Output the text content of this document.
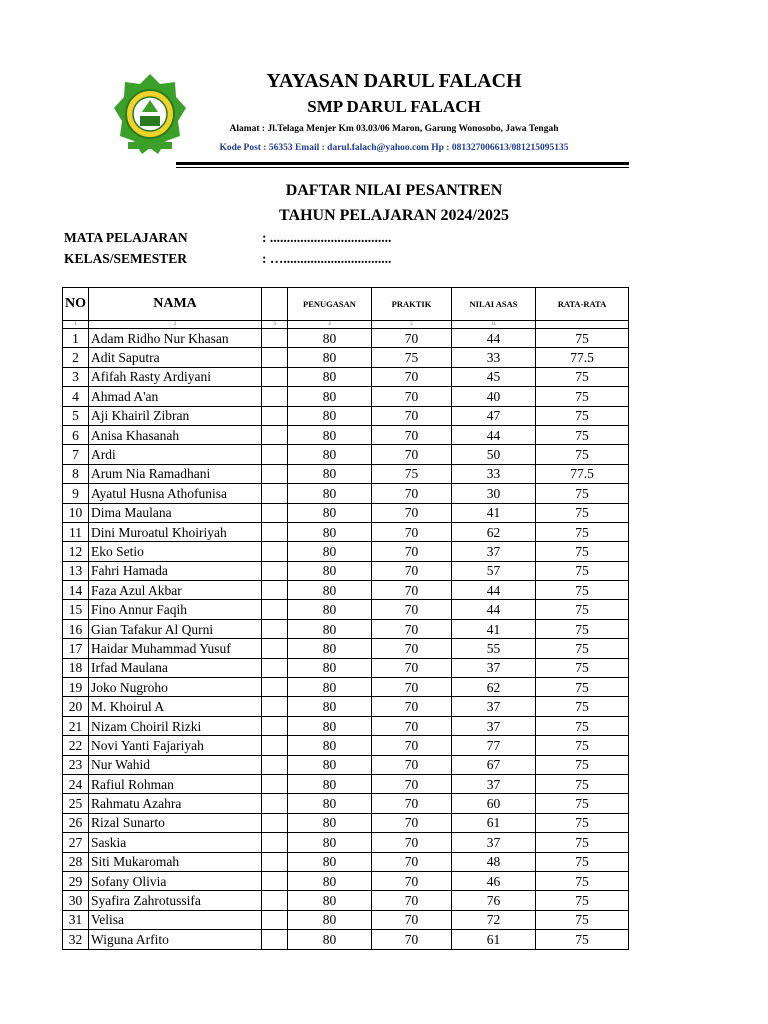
YAYASAN DARUL FALACH
SMP DARUL FALACH
Alamat : Jl.Telaga Menjer Km 03.03/06 Maron, Garung Wonosobo, Jawa Tengah
Kode Post : 56353 Email : darul.falach@yahoo.com Hp : 081327006613/081215095135
DAFTAR NILAI PESANTREN
TAHUN PELAJARAN 2024/2025
MATA PELAJARAN	: ....................................
KELAS/SEMESTER	: …................................
NO	NAMA		PENUGASAN	PRAKTIK	NILAI ASAS	RATA-RATA
1	2	3	4	5	11	
1	Adam Ridho Nur Khasan		80	70	44	75
2	Adit Saputra		80	75	33	77.5
3	Afifah Rasty Ardiyani		80	70	45	75
4	Ahmad A'an		80	70	40	75
5	Aji Khairil Zibran		80	70	47	75
6	Anisa Khasanah		80	70	44	75
7	Ardi		80	70	50	75
8	Arum Nia Ramadhani		80	75	33	77.5
9	Ayatul Husna Athofunisa		80	70	30	75
10	Dima Maulana		80	70	41	75
11	Dini Muroatul Khoiriyah		80	70	62	75
12	Eko Setio		80	70	37	75
13	Fahri Hamada		80	70	57	75
14	Faza Azul Akbar		80	70	44	75
15	Fino Annur Faqih		80	70	44	75
16	Gian Tafakur Al Qurni		80	70	41	75
17	Haidar Muhammad Yusuf		80	70	55	75
18	Irfad Maulana		80	70	37	75
19	Joko Nugroho		80	70	62	75
20	M. Khoirul A		80	70	37	75
21	Nizam Choiril Rizki		80	70	37	75
22	Novi Yanti Fajariyah		80	70	77	75
23	Nur Wahid		80	70	67	75
24	Rafiul Rohman		80	70	37	75
25	Rahmatu Azahra		80	70	60	75
26	Rizal Sunarto		80	70	61	75
27	Saskia		80	70	37	75
28	Siti Mukaromah		80	70	48	75
29	Sofany Olivia		80	70	46	75
30	Syafira Zahrotussifa		80	70	76	75
31	Velisa		80	70	72	75
32	Wiguna Arfito		80	70	61	75
